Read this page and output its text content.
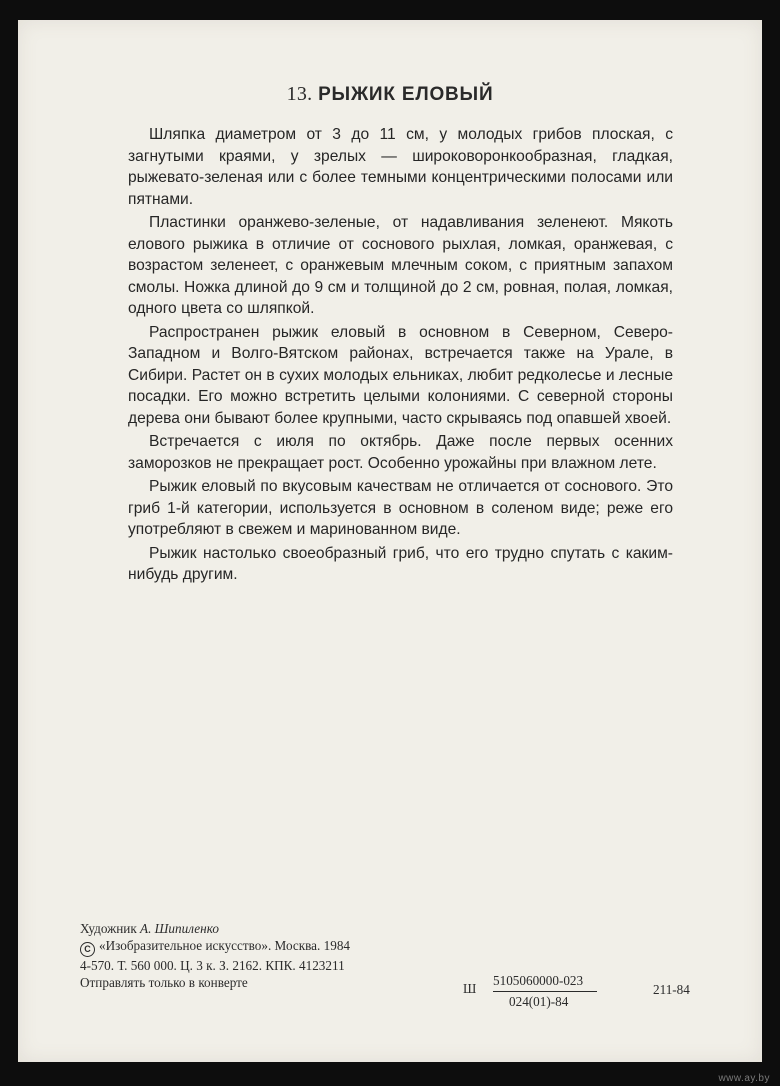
13. РЫЖИК ЕЛОВЫЙ

Шляпка диаметром от 3 до 11 см, у молодых грибов плоская, с загнутыми краями, у зрелых — широковоронкообразная, гладкая, рыжевато-зеленая или с более темными концентрическими полосами или пятнами.

Пластинки оранжево-зеленые, от надавливания зеленеют. Мякоть елового рыжика в отличие от соснового рыхлая, ломкая, оранжевая, с возрастом зеленеет, с оранжевым млечным соком, с приятным запахом смолы. Ножка длиной до 9 см и толщиной до 2 см, ровная, полая, ломкая, одного цвета со шляпкой.

Распространен рыжик еловый в основном в Северном, Северо-Западном и Волго-Вятском районах, встречается также на Урале, в Сибири. Растет он в сухих молодых ельниках, любит редколесье и лесные посадки. Его можно встретить целыми колониями. С северной стороны дерева они бывают более крупными, часто скрываясь под опавшей хвоей.

Встречается с июля по октябрь. Даже после первых осенних заморозков не прекращает рост. Особенно урожайны при влажном лете.

Рыжик еловый по вкусовым качествам не отличается от соснового. Это гриб 1-й категории, используется в основном в соленом виде; реже его употребляют в свежем и маринованном виде.

Рыжик настолько своеобразный гриб, что его трудно спутать с каким-нибудь другим.

Художник А. Шипиленко
C «Изобразительное искусство». Москва. 1984
4-570. Т. 560 000. Ц. 3 к. З. 2162. КПК. 4123211
Отправлять только в конверте	Ш
5105060000-023
024(01)-84
211-84
www.ay.by
